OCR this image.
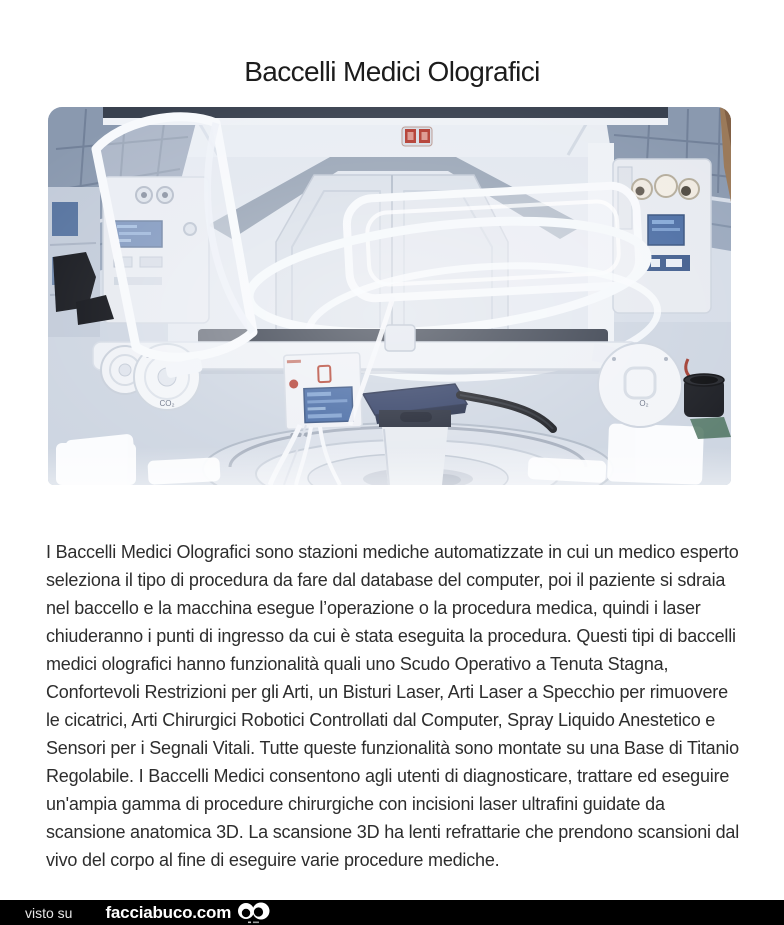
Baccelli Medici Olografici
I Baccelli Medici Olografici sono stazioni mediche automatizzate in cui un medico esperto seleziona il tipo di procedura da fare dal database del computer, poi il paziente si sdraia nel baccello e la macchina esegue l’operazione o la procedura medica, quindi i laser chiuderanno i punti di ingresso da cui è stata eseguita la procedura. Questi tipi di baccelli medici olografici hanno funzionalità quali uno Scudo Operativo a Tenuta Stagna, Confortevoli Restrizioni per gli Arti, un Bisturi Laser, Arti Laser a Specchio per rimuovere le cicatrici, Arti Chirurgici Robotici Controllati dal Computer, Spray Liquido Anestetico e Sensori per i Segnali Vitali. Tutte queste funzionalità sono montate su una Base di Titanio Regolabile. I Baccelli Medici consentono agli utenti di diagnosticare, trattare ed eseguire un'ampia gamma di procedure chirurgiche con incisioni laser ultrafini guidate da scansione anatomica 3D. La scansione 3D ha lenti refrattarie che prendono scansioni dal vivo del corpo al fine di eseguire varie procedure mediche.
visto su facciabuco.com
